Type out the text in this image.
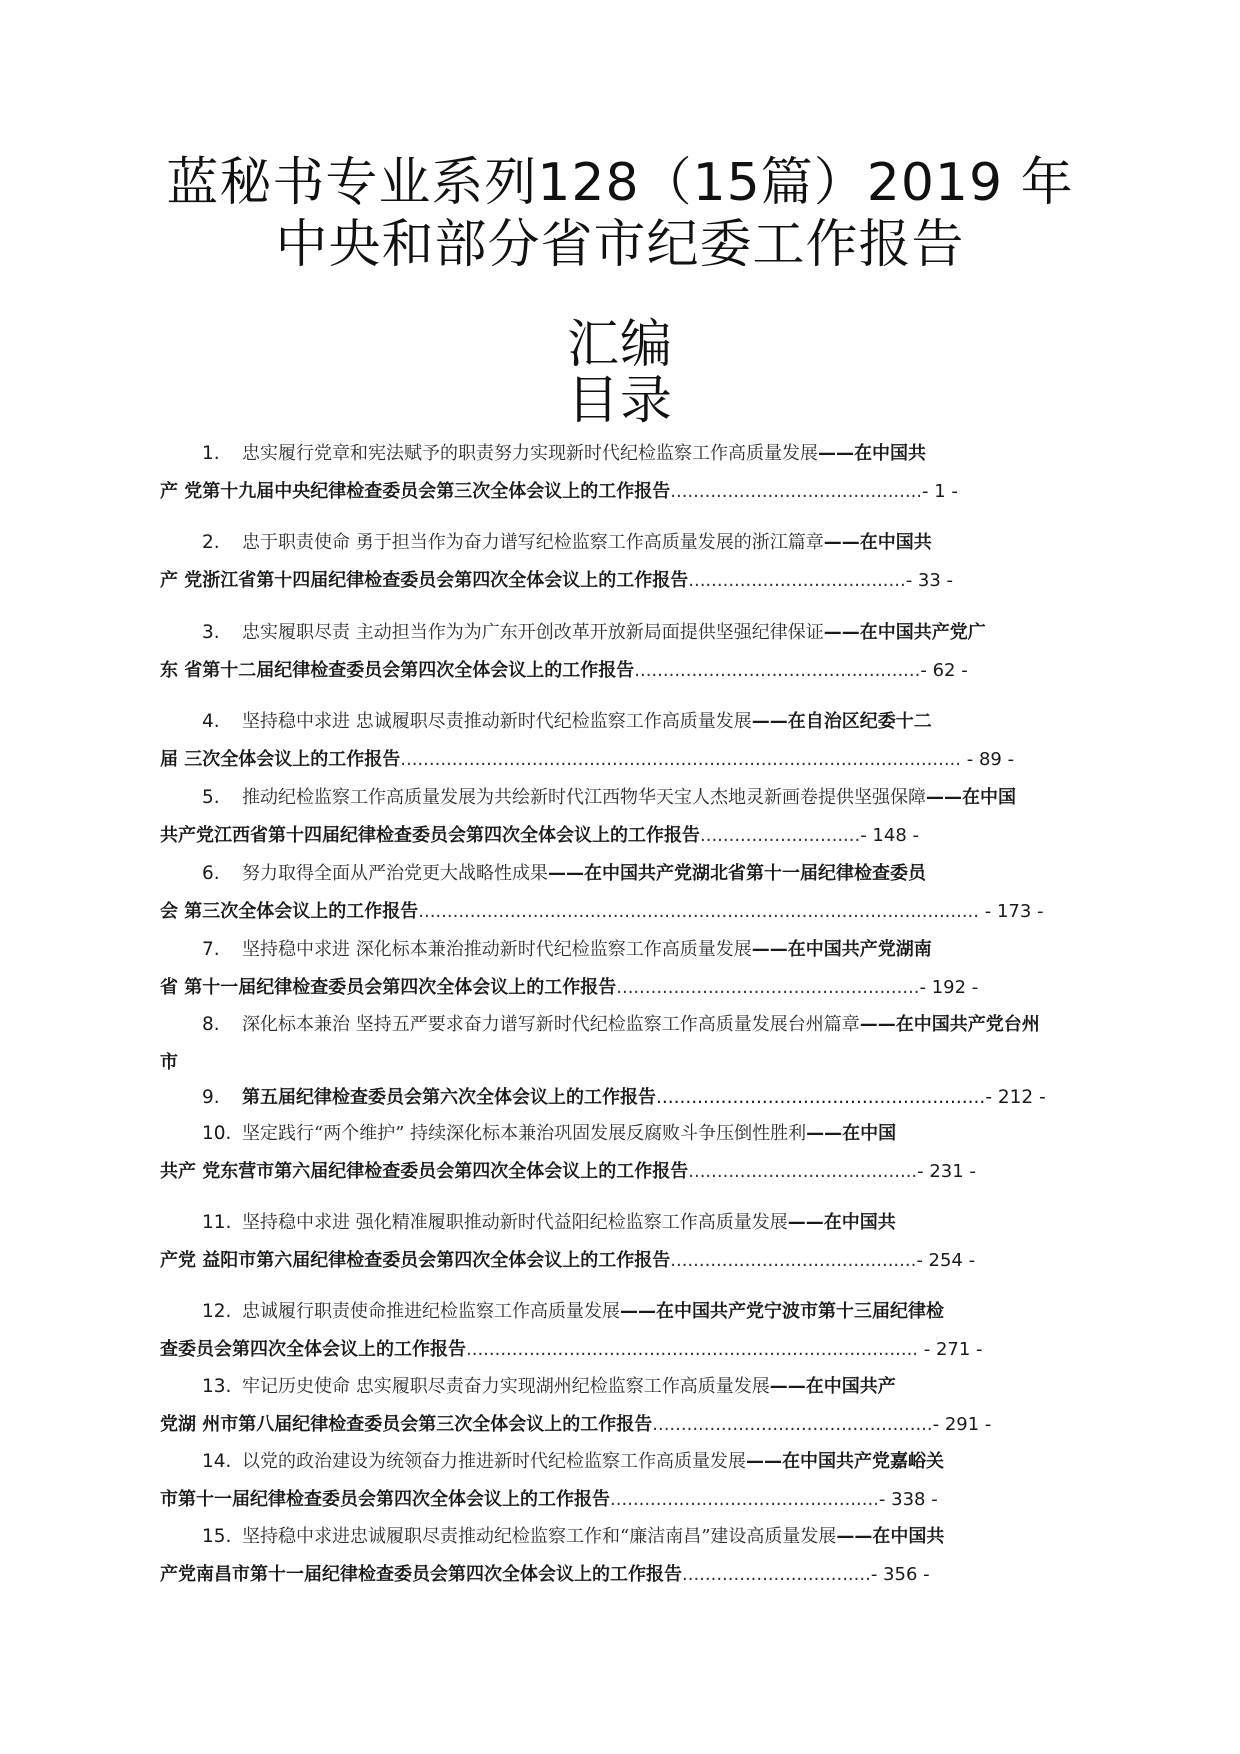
蓝秘书专业系列128（15篇）2019 年
中央和部分省市纪委工作报告
汇编
目录
1. 忠实履行党章和宪法赋予的职责努力实现新时代纪检监察工作高质量发展——在中国共
产 党第十九届中央纪律检查委员会第三次全体会议上的工作报告............................................- 1 -
2. 忠于职责使命 勇于担当作为奋力谱写纪检监察工作高质量发展的浙江篇章——在中国共
产 党浙江省第十四届纪律检查委员会第四次全体会议上的工作报告......................................- 33 -
3. 忠实履职尽责 主动担当作为为广东开创改革开放新局面提供坚强纪律保证——在中国共产党广
东 省第十二届纪律检查委员会第四次全体会议上的工作报告..................................................- 62 -
4. 坚持稳中求进 忠诚履职尽责推动新时代纪检监察工作高质量发展——在自治区纪委十二
届 三次全体会议上的工作报告.................................................................................................. - 89 -
5. 推动纪检监察工作高质量发展为共绘新时代江西物华天宝人杰地灵新画卷提供坚强保障——在中国
共产党江西省第十四届纪律检查委员会第四次全体会议上的工作报告............................- 148 -
6. 努力取得全面从严治党更大战略性成果——在中国共产党湖北省第十一届纪律检查委员
会 第三次全体会议上的工作报告.................................................................................................. - 173 -
7. 坚持稳中求进 深化标本兼治推动新时代纪检监察工作高质量发展——在中国共产党湖南
省 第十一届纪律检查委员会第四次全体会议上的工作报告.....................................................- 192 -
8. 深化标本兼治 坚持五严要求奋力谱写新时代纪检监察工作高质量发展台州篇章——在中国共产党台州
市
9. 第五届纪律检查委员会第六次全体会议上的工作报告........................................................- 212 -
10. 坚定践行“两个维护” 持续深化标本兼治巩固发展反腐败斗争压倒性胜利——在中国
共产 党东营市第六届纪律检查委员会第四次全体会议上的工作报告........................................- 231 -
11. 坚持稳中求进 强化精准履职推动新时代益阳纪检监察工作高质量发展——在中国共
产党 益阳市第六届纪律检查委员会第四次全体会议上的工作报告...........................................- 254 -
12. 忠诚履行职责使命推进纪检监察工作高质量发展——在中国共产党宁波市第十三届纪律检
查委员会第四次全体会议上的工作报告............................................................................... - 271 -
13. 牢记历史使命 忠实履职尽责奋力实现湖州纪检监察工作高质量发展——在中国共产
党湖 州市第八届纪律检查委员会第三次全体会议上的工作报告.................................................- 291 -
14. 以党的政治建设为统领奋力推进新时代纪检监察工作高质量发展——在中国共产党嘉峪关
市第十一届纪律检查委员会第四次全体会议上的工作报告...............................................- 338 -
15. 坚持稳中求进忠诚履职尽责推动纪检监察工作和“廉洁南昌”建设高质量发展——在中国共
产党南昌市第十一届纪律检查委员会第四次全体会议上的工作报告.................................- 356 -
